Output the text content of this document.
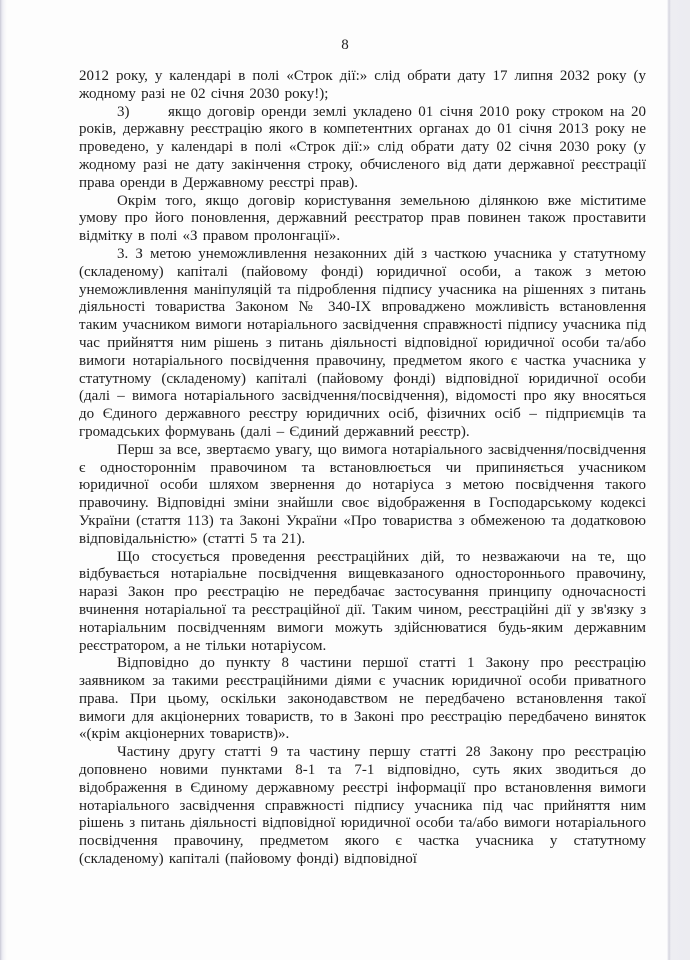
8

2012 року, у календарі в полі «Строк дії:» слід обрати дату 17 липня 2032 року (у жодному разі не 02 січня 2030 року!);

3)      якщо договір оренди землі укладено 01 січня 2010 року строком на 20 років, державну реєстрацію якого в компетентних органах до 01 січня 2013 року не проведено, у календарі в полі «Строк дії:» слід обрати дату 02 січня 2030 року (у жодному разі не дату закінчення строку, обчисленого від дати державної реєстрації права оренди в Державному реєстрі прав).

Окрім того, якщо договір користування земельною ділянкою вже міститиме умову про його поновлення, державний реєстратор прав повинен також проставити відмітку в полі «З правом пролонгації».

3. З метою унеможливлення незаконних дій з часткою учасника у статутному (складеному) капіталі (пайовому фонді) юридичної особи, а також з метою унеможливлення маніпуляцій та підроблення підпису учасника на рішеннях з питань діяльності товариства Законом № 340-IX впроваджено можливість встановлення таким учасником вимоги нотаріального засвідчення справжності підпису учасника під час прийняття ним рішень з питань діяльності відповідної юридичної особи та/або вимоги нотаріального посвідчення правочину, предметом якого є частка учасника у статутному (складеному) капіталі (пайовому фонді) відповідної юридичної особи (далі – вимога нотаріального засвідчення/посвідчення), відомості про яку вносяться до Єдиного державного реєстру юридичних осіб, фізичних осіб – підприємців та громадських формувань (далі – Єдиний державний реєстр).

Перш за все, звертаємо увагу, що вимога нотаріального засвідчення/посвідчення є одностороннім правочином та встановлюється чи припиняється учасником юридичної особи шляхом звернення до нотаріуса з метою посвідчення такого правочину. Відповідні зміни знайшли своє відображення в Господарському кодексі України (стаття 113) та Законі України «Про товариства з обмеженою та додатковою відповідальністю» (статті 5 та 21).

Що стосується проведення реєстраційних дій, то незважаючи на те, що відбувається нотаріальне посвідчення вищевказаного одностороннього правочину, наразі Закон про реєстрацію не передбачає застосування принципу одночасності вчинення нотаріальної та реєстраційної дії. Таким чином, реєстраційні дії у зв'язку з нотаріальним посвідченням вимоги можуть здійснюватися будь-яким державним реєстратором, а не тільки нотаріусом.

Відповідно до пункту 8 частини першої статті 1 Закону про реєстрацію заявником за такими реєстраційними діями є учасник юридичної особи приватного права. При цьому, оскільки законодавством не передбачено встановлення такої вимоги для акціонерних товариств, то в Законі про реєстрацію передбачено виняток «(крім акціонерних товариств)».

Частину другу статті 9 та частину першу статті 28 Закону про реєстрацію доповнено новими пунктами 8-1 та 7-1 відповідно, суть яких зводиться до відображення в Єдиному державному реєстрі інформації про встановлення вимоги нотаріального засвідчення справжності підпису учасника під час прийняття ним рішень з питань діяльності відповідної юридичної особи та/або вимоги нотаріального посвідчення правочину, предметом якого є частка учасника у статутному (складеному) капіталі (пайовому фонді) відповідної
